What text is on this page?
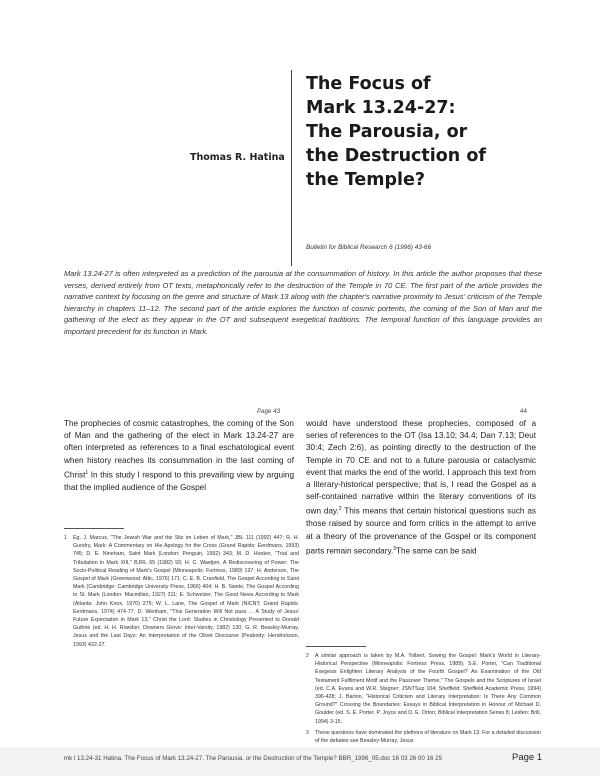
Thomas R. Hatina
The Focus of
Mark 13.24-27:
The Parousia, or
the Destruction of
the Temple?
Bulletin for Biblical Research 6 (1996) 43-66
Mark 13.24-27 is often interpreted as a prediction of the parousia at the consummation of history. In this article the author proposes that these verses, derived entirely from OT texts, metaphorically refer to the destruction of the Temple in 70 CE. The first part of the article provides the narrative context by focusing on the genre and structure of Mark 13 along with the chapter's narrative proximity to Jesus' criticism of the Temple hierarchy in chapters 11–12. The second part of the article explores the function of cosmic portents, the coming of the Son of Man and the gathering of the elect as they appear in the OT and subsequent exegetical traditions. The temporal function of this language provides an important precedent for its function in Mark.
Page 43
The prophecies of cosmic catastrophes, the coming of the Son of Man and the gathering of the elect in Mark 13.24-27 are often interpreted as references to a final eschatological event when history reaches its consummation in the last coming of Christ$^1$ In this study I respond to this prevailing view by arguing that the implied audience of the Gospel
1 Eg. J. Marcus, "The Jewish War and the Sitz im Leben of Mark," JBL 111 (1992) 447; R. H. Gundry, Mark: A Commentary on His Apology for the Cross (Grand Rapids: Eerdmans, 1993) 745; D. E. Nineham, Saint Mark (London: Penguin, 1992) 343; M. D. Hooker, "Trial and Tribulation in Mark XIII," BJRL 65 (1982) 93; H. C. Waetjen, A Rediscovering of Power: The Socio-Political Reading of Mark's Gospel (Minneapolis: Fortress, 1989) 197; H. Anderson, The Gospel of Mark (Greenwood: Attic, 1976) 171; C. E. B. Cranfield, The Gospel According to Saint Mark (Cambridge: Cambridge University Press, 1966) 404; H. B. Swete, The Gospel According to St. Mark (London: Macmillan, 1927) 311; E. Schweizer, The Good News According to Mark (Atlanta: John Knox, 1970) 275; W. L. Lane, The Gospel of Mark (NICNT; Grand Rapids: Eerdmans, 1974) 474-77; D. Wenham, "This Generation Will Not pass ... A Study of Jesus' Future Expectation in Mark 13," Christ the Lord: Studies in Christology Presented to Donald Guthrie (ed. H. H. Rowdon; Downers Grove: Inter-Varsity, 1982) 130; G. R. Beasley-Murray, Jesus and the Last Days: An Interpretation of the Olivet Discourse (Peabody: Hendrickson, 1993) 422-27.
44
would have understood these prophecies, composed of a series of references to the OT (Isa 13.10; 34.4; Dan 7.13; Deut 30:4; Zech 2:6), as pointing directly to the destruction of the Temple in 70 CE and not to a future parousia or cataclysmic event that marks the end of the world. I approach this text from a literary-historical perspective; that is, I read the Gospel as a self-contained narrative within the literary conventions of its own day.$^2$ This means that certain historical questions such as those raised by source and form critics in the attempt to arrive at a theory of the provenance of the Gospel or its component parts remain secondary.$^3$The same can be said
2 A similar approach is taken by M.A. Tolbert, Sowing the Gospel: Mark's World in Literary-Historical Perspective (Minneapolis: Fortress Press, 1989); S.E. Porter, "Can Traditional Exegesis Enlighten Literary Analysis of the Fourth Gospel? An Examination of the Old Testament Fulfilment Motif and the Passover Theme," The Gospels and the Scriptures of Israel (ed. C.A. Evans and W.R. Stegner; JSNTSup 104; Sheffield: Sheffield Academic Press, 1994) 396-428; J. Barton, "Historical Criticism and Literary Interpretation: Is There Any Common Ground?" Crossing the Boundaries: Essays in Biblical Interpretation in Honour of Michael D. Goulder (ed. S. E. Porter, P. Joyce and D. E. Orton; Biblical Interpretation Series 8; Leiden: Brill, 1994) 3-15.
3 These questions have dominated the plethora of literature on Mark 13. For a detailed discussion of the debates see Beasley-Murray, Jesus
mk l 13.24-31 Hatina, The Focus of Mark 13.24-27, The Parousia, or the Destruction of the Temple? BBR_1996_05.doc 16 03 26 00 16 25	Page 1
